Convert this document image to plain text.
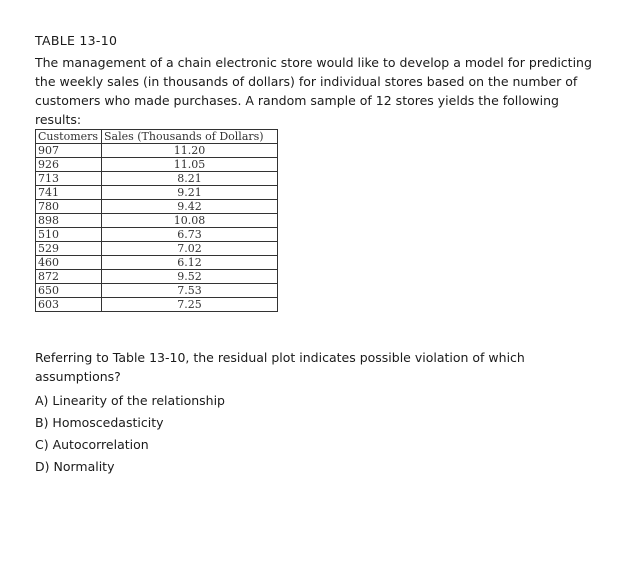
TABLE 13-10

The management of a chain electronic store would like to develop a model for predicting the weekly sales (in thousands of dollars) for individual stores based on the number of customers who made purchases. A random sample of 12 stores yields the following results:

Customers	Sales (Thousands of Dollars)
907	11.20
926	11.05
713	8.21
741	9.21
780	9.42
898	10.08
510	6.73
529	7.02
460	6.12
872	9.52
650	7.53
603	7.25

Referring to Table 13-10, the residual plot indicates possible violation of which assumptions?

A) Linearity of the relationship
B) Homoscedasticity
C) Autocorrelation
D) Normality
